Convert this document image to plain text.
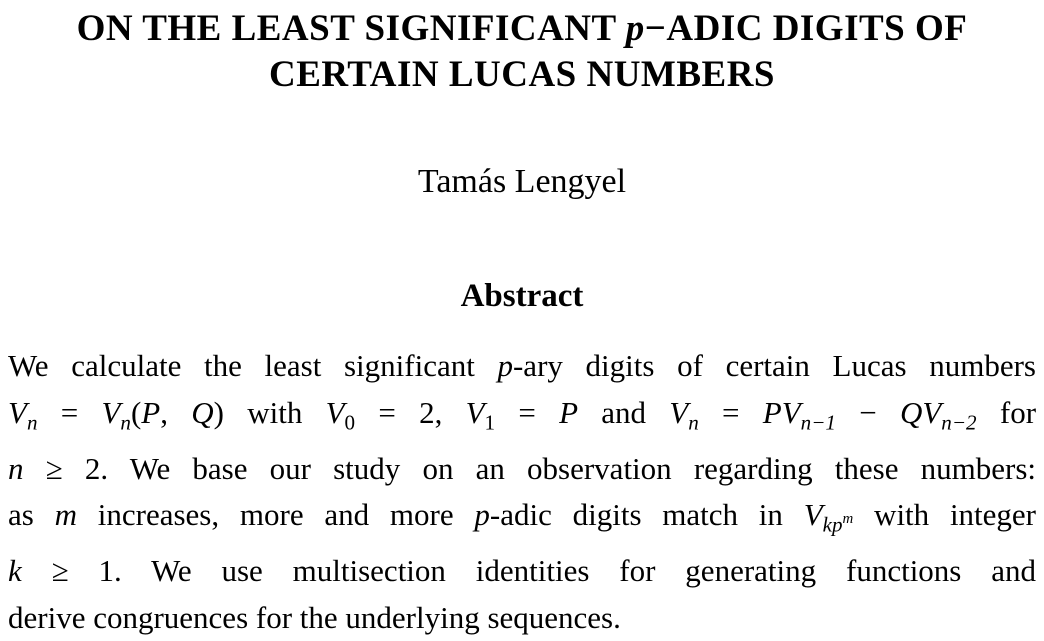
ON THE LEAST SIGNIFICANT p−ADIC DIGITS OF
CERTAIN LUCAS NUMBERS
Tamás Lengyel
Abstract
We calculate the least significant p-ary digits of certain Lucas numbers
$V_n = V_n(P$, Q) with $V_0 = 2$, $V_1 = P$ and $V_n = PV_{n-1} - QV_{n-2}$ for
n ≥ 2. We base our study on an observation regarding these numbers:
as m increases, more and more p-adic digits match in $V_{kp}m$ with integer
k ≥ 1. We use multisection identities for generating functions and
derive congruences for the underlying sequences.
